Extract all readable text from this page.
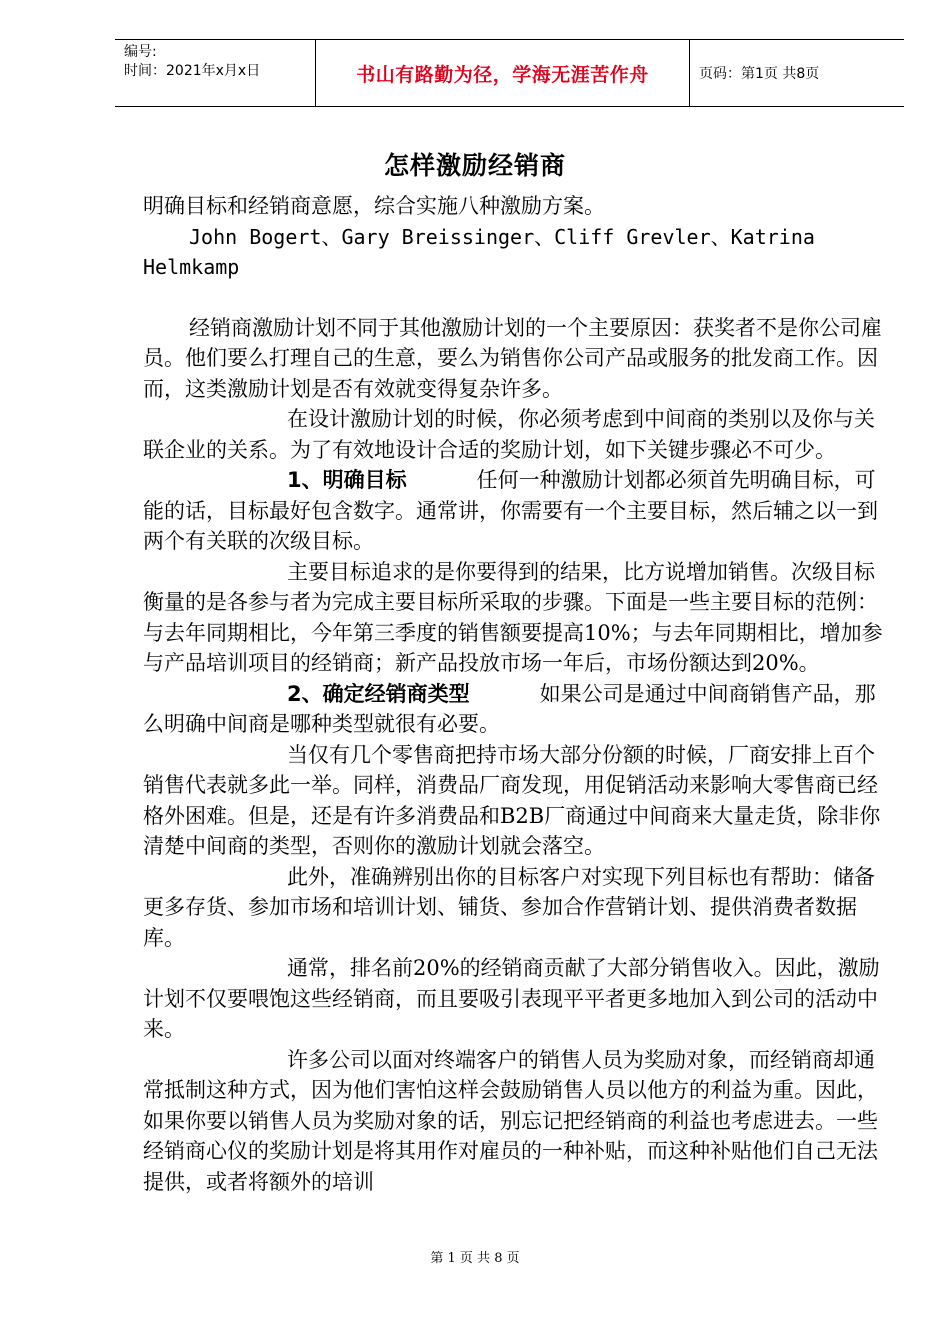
编号:
时间：2021年x月x日	书山有路勤为径，学海无涯苦作舟	页码：第1页 共8页
怎样激励经销商

明确目标和经销商意愿，综合实施八种激励方案。

John Bogert、Gary Breissinger、Cliff Grevler、Katrina Helmkamp

经销商激励计划不同于其他激励计划的一个主要原因：获奖者不是你公司雇员。他们要么打理自己的生意，要么为销售你公司产品或服务的批发商工作。因而，这类激励计划是否有效就变得复杂许多。

在设计激励计划的时候，你必须考虑到中间商的类别以及你与关联企业的关系。为了有效地设计合适的奖励计划，如下关键步骤必不可少。

1、明确目标	任何一种激励计划都必须首先明确目标，可能的话，目标最好包含数字。通常讲，你需要有一个主要目标，然后辅之以一到两个有关联的次级目标。

主要目标追求的是你要得到的结果，比方说增加销售。次级目标衡量的是各参与者为完成主要目标所采取的步骤。下面是一些主要目标的范例：与去年同期相比，今年第三季度的销售额要提高10%；与去年同期相比，增加参与产品培训项目的经销商；新产品投放市场一年后，市场份额达到20%。

2、确定经销商类型	如果公司是通过中间商销售产品，那么明确中间商是哪种类型就很有必要。

当仅有几个零售商把持市场大部分份额的时候，厂商安排上百个销售代表就多此一举。同样，消费品厂商发现，用促销活动来影响大零售商已经格外困难。但是，还是有许多消费品和B2B厂商通过中间商来大量走货，除非你清楚中间商的类型，否则你的激励计划就会落空。

此外，准确辨别出你的目标客户对实现下列目标也有帮助：储备更多存货、参加市场和培训计划、铺货、参加合作营销计划、提供消费者数据库。

通常，排名前20%的经销商贡献了大部分销售收入。因此，激励计划不仅要喂饱这些经销商，而且要吸引表现平平者更多地加入到公司的活动中来。

许多公司以面对终端客户的销售人员为奖励对象，而经销商却通常抵制这种方式，因为他们害怕这样会鼓励销售人员以他方的利益为重。因此，如果你要以销售人员为奖励对象的话，别忘记把经销商的利益也考虑进去。一些经销商心仪的奖励计划是将其用作对雇员的一种补贴，而这种补贴他们自己无法提供，或者将额外的培训

第 1 页 共 8 页
